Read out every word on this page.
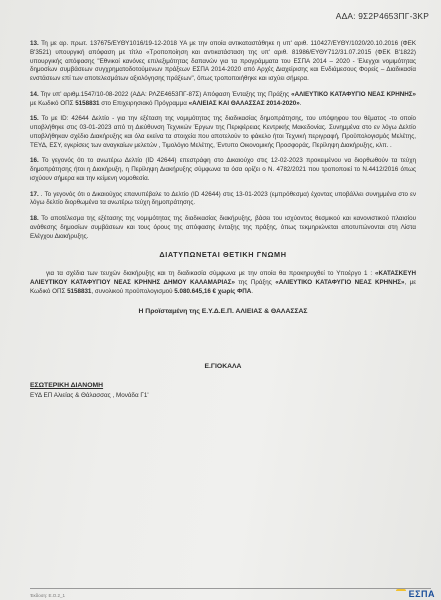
ΑΔΑ: 9Σ2Ρ4653ΠΓ-3ΚΡ

13. Τη με αρ. πρωτ. 137675/ΕΥΘΥ1016/19-12-2018 ΥΑ με την οποία αντικαταστάθηκε η υπ' αριθ. 110427/ΕΥΘΥ/1020/20.10.2016 (ΦΕΚ Β'3521) υπουργική απόφαση με τίτλο «Τροποποίηση και αντικατάσταση της υπ' αριθ. 81986/ΕΥΘΥ712/31.07.2015 (ΦΕΚ Β'1822) υπουργικής απόφασης "Εθνικοί κανόνες επιλεξιμότητας δαπανών για τα προγράμματα του ΕΣΠΑ 2014 – 2020 - Έλεγχοι νομιμότητας δημοσίων συμβάσεων συγχρηματοδοτούμενων πράξεων ΕΣΠΑ 2014-2020 από Αρχές Διαχείρισης και Ενδιάμεσους Φορείς – Διαδικασία ενστάσεων επί των αποτελεσμάτων αξιολόγησης πράξεων", όπως τροποποιήθηκε και ισχύει σήμερα.

14. Την υπ' αριθμ.1547/10-08-2022 (ΑΔΑ: ΡΛΖΕ4653ΠΓ-87Σ) Απόφαση Ένταξης της Πράξης «ΑΛΙΕΥΤΙΚΟ ΚΑΤΑΦΥΓΙΟ ΝΕΑΣ ΚΡΗΝΗΣ» με Κωδικό ΟΠΣ 5158831 στο Επιχειρησιακό Πρόγραμμα «ΑΛΙΕΙΑΣ ΚΑΙ ΘΑΛΑΣΣΑΣ 2014-2020».

15. Το με ID: 42644 Δελτίο - για την εξέταση της νομιμότητας της διαδικασίας δημοπράτησης, του υπόψηφου του θέματος -το οποίο υποβλήθηκε στις 03-01-2023 από τη Διεύθυνση Τεχνικών Έργων της Περιφέρειας Κεντρικής Μακεδονίας. Συνημμένα στο εν λόγω Δελτίο υποβλήθηκαν σχέδιο Διακήρυξης και όλα εκείνα τα στοιχεία που αποτελούν το φάκελο ήτοι Τεχνική περιγραφή, Προϋπολογισμός Μελέτης, ΤΕΥΔ, ΕΣΥ, εγκρίσεις των αναγκαίων μελετών , Τιμολόγιο Μελέτης, Έντυπο Οικονομικής Προσφοράς, Περίληψη Διακήρυξης, κλπ. .

16. Το γεγονός ότι το ανωτέρω Δελτίο (ID 42644) επεστράφη στο Δικαιούχο στις 12-02-2023 προκειμένου να διορθωθούν τα τεύχη δημοπράτησης ήτοι η Διακήρυξη, η Περίληψη Διακήρυξης σύμφωνα τα όσα ορίζει ο Ν. 4782/2021 που τροποποιεί το Ν.4412/2016 όπως ισχύουν σήμερα και την κείμενη νομοθεσία.

17. . Το γεγονός ότι ο Δικαιούχος επανυπέβαλε το Δελτίο (ID 42644) στις 13-01-2023 (εμπρόθεσμα) έχοντας υποβάλλει συνημμένα στο εν λόγω δελτίο διορθωμένα τα ανωτέρω τεύχη δημοπράτησης.

18. Το αποτέλεσμα της εξέτασης της νομιμότητας της διαδικασίας διακήρυξης, βάσει του ισχύοντος θεσμικού και κανονιστικού πλαισίου ανάθεσης δημοσίων συμβάσεων και τους όρους της απόφασης ένταξης της πράξης, όπως τεκμηριώνεται αποτυπώνονται στη Λίστα Ελέγχου Διακήρυξης.

ΔΙΑΤΥΠΩΝΕΤΑΙ ΘΕΤΙΚΗ ΓΝΩΜΗ

για τα σχέδια των τευχών διακήρυξης και τη διαδικασία σύμφωνα με την οποία θα προκηρυχθεί το Υποέργο 1 : «ΚΑΤΑΣΚΕΥΗ ΑΛΙΕΥΤΙΚΟΥ ΚΑΤΑΦΥΓΙΟΥ ΝΕΑΣ ΚΡΗΝΗΣ ΔΗΜΟΥ ΚΑΛΑΜΑΡΙΑΣ» της Πράξης «ΑΛΙΕΥΤΙΚΟ ΚΑΤΑΦΥΓΙΟ ΝΕΑΣ ΚΡΗΝΗΣ», με Κωδικό ΟΠΣ 5158831, συνολικού προϋπολογισμού 5.080.645,16 € χωρίς ΦΠΑ.

Η Προϊσταμένη της Ε.Υ.Δ.Ε.Π. ΑΛΙΕΙΑΣ & ΘΑΛΑΣΣΑΣ
Ε.ΓΙΟΚΑΛΑ
ΕΣΩΤΕΡΙΚΗ ΔΙΑΝΟΜΗ
ΕΥΔ ΕΠ Αλιείας & Θάλασσας , Μονάδα Γ1'
Έκδοση: Ε.Ο.2_1	ΕΣΠΑ
